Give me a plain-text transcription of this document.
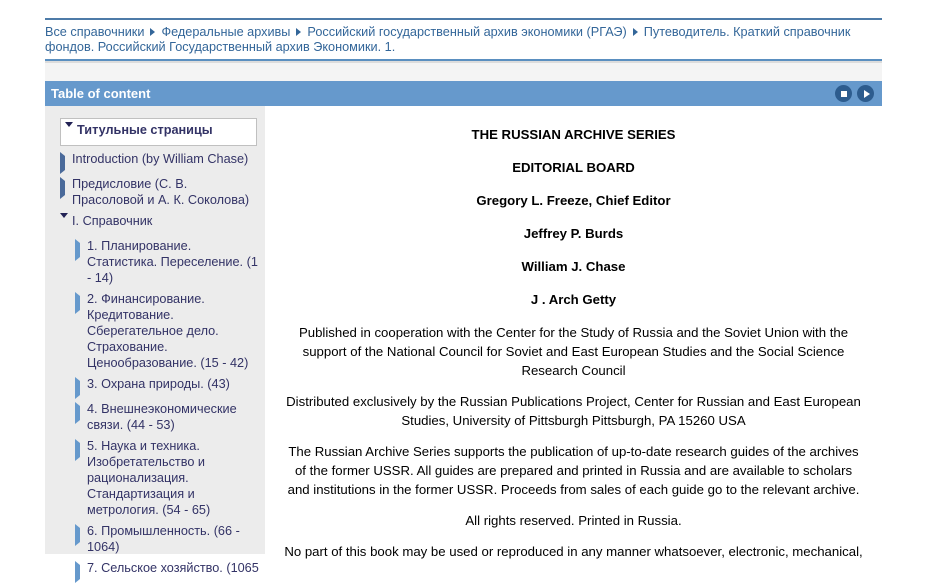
Все справочники Федеральные архивы Российский государственный архив экономики (РГАЭ) Путеводитель. Краткий справочник фондов. Российский Государственный архив Экономики. 1.
Table of content
Титульные страницы
Introduction (by William Chase)
Предисловие (С. В. Прасоловой и А. К. Соколова)
I. Справочник
1. Планирование. Статистика. Переселение. (1 - 14)
2. Финансирование. Кредитование. Сберегательное дело. Страхование. Ценообразование. (15 - 42)
3. Охрана природы. (43)
4. Внешнеэкономические связи. (44 - 53)
5. Наука и техника. Изобретательство и рационализация. Стандартизация и метрология. (54 - 65)
6. Промышленность. (66 - 1064)
7. Сельское хозяйство. (1065
THE RUSSIAN ARCHIVE SERIES
EDITORIAL BOARD
Gregory L. Freeze, Chief Editor
Jeffrey P. Burds
William J. Chase
J . Arch Getty
Published in cooperation with the Center for the Study of Russia and the Soviet Union with the support of the National Council for Soviet and East European Studies and the Social Science Research Council
Distributed exclusively by the Russian Publications Project, Center for Russian and East European Studies, University of Pittsburgh Pittsburgh, PA 15260 USA
The Russian Archive Series supports the publication of up-to-date research guides of the archives of the former USSR. All guides are prepared and printed in Russia and are available to scholars and institutions in the former USSR. Proceeds from sales of each guide go to the relevant archive.
All rights reserved. Printed in Russia.
No part of this book may be used or reproduced in any manner whatsoever, electronic, mechanical,
